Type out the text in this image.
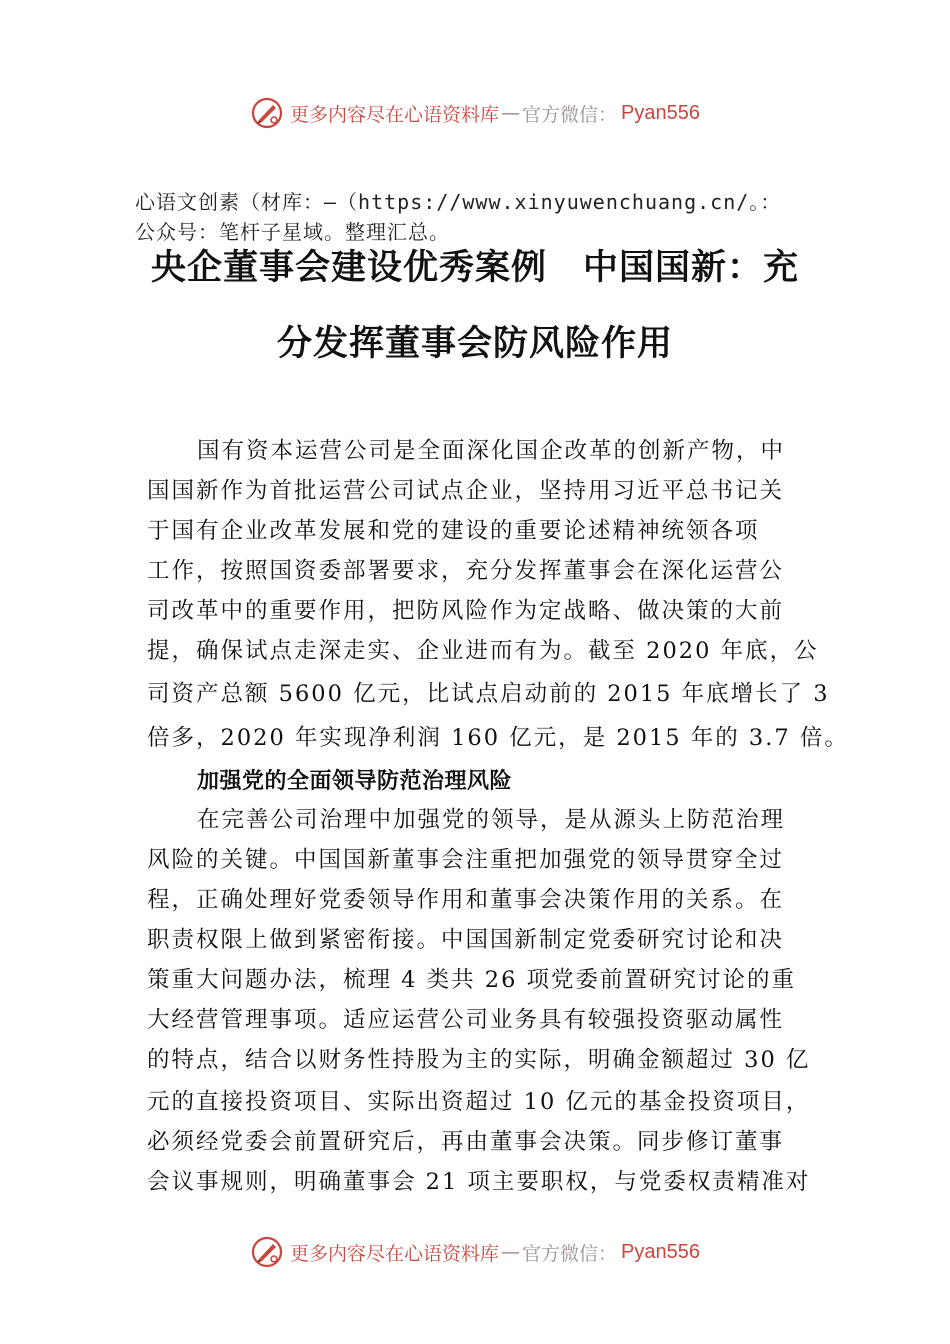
更多内容尽在心语资料库 — 官方微信： Pyan556

心语文创素（材库：—（https://www.xinyuwenchuang.cn/。：
公众号：笔杆子星域。整理汇总。

央企董事会建设优秀案例　中国国新：充
分发挥董事会防风险作用
国有资本运营公司是全面深化国企改革的创新产物，中
国国新作为首批运营公司试点企业，坚持用习近平总书记关
于国有企业改革发展和党的建设的重要论述精神统领各项
工作，按照国资委部署要求，充分发挥董事会在深化运营公
司改革中的重要作用，把防风险作为定战略、做决策的大前
提，确保试点走深走实、企业进而有为。截至 2020 年底，公
司资产总额 5600 亿元，比试点启动前的 2015 年底增长了 3
倍多，2020 年实现净利润 160 亿元，是 2015 年的 3.7 倍。
加强党的全面领导防范治理风险
在完善公司治理中加强党的领导，是从源头上防范治理
风险的关键。中国国新董事会注重把加强党的领导贯穿全过
程，正确处理好党委领导作用和董事会决策作用的关系。在
职责权限上做到紧密衔接。中国国新制定党委研究讨论和决
策重大问题办法，梳理 4 类共 26 项党委前置研究讨论的重
大经营管理事项。适应运营公司业务具有较强投资驱动属性
的特点，结合以财务性持股为主的实际，明确金额超过 30 亿
元的直接投资项目、实际出资超过 10 亿元的基金投资项目，
必须经党委会前置研究后，再由董事会决策。同步修订董事
会议事规则，明确董事会 21 项主要职权，与党委权责精准对
更多内容尽在心语资料库 — 官方微信： Pyan556
